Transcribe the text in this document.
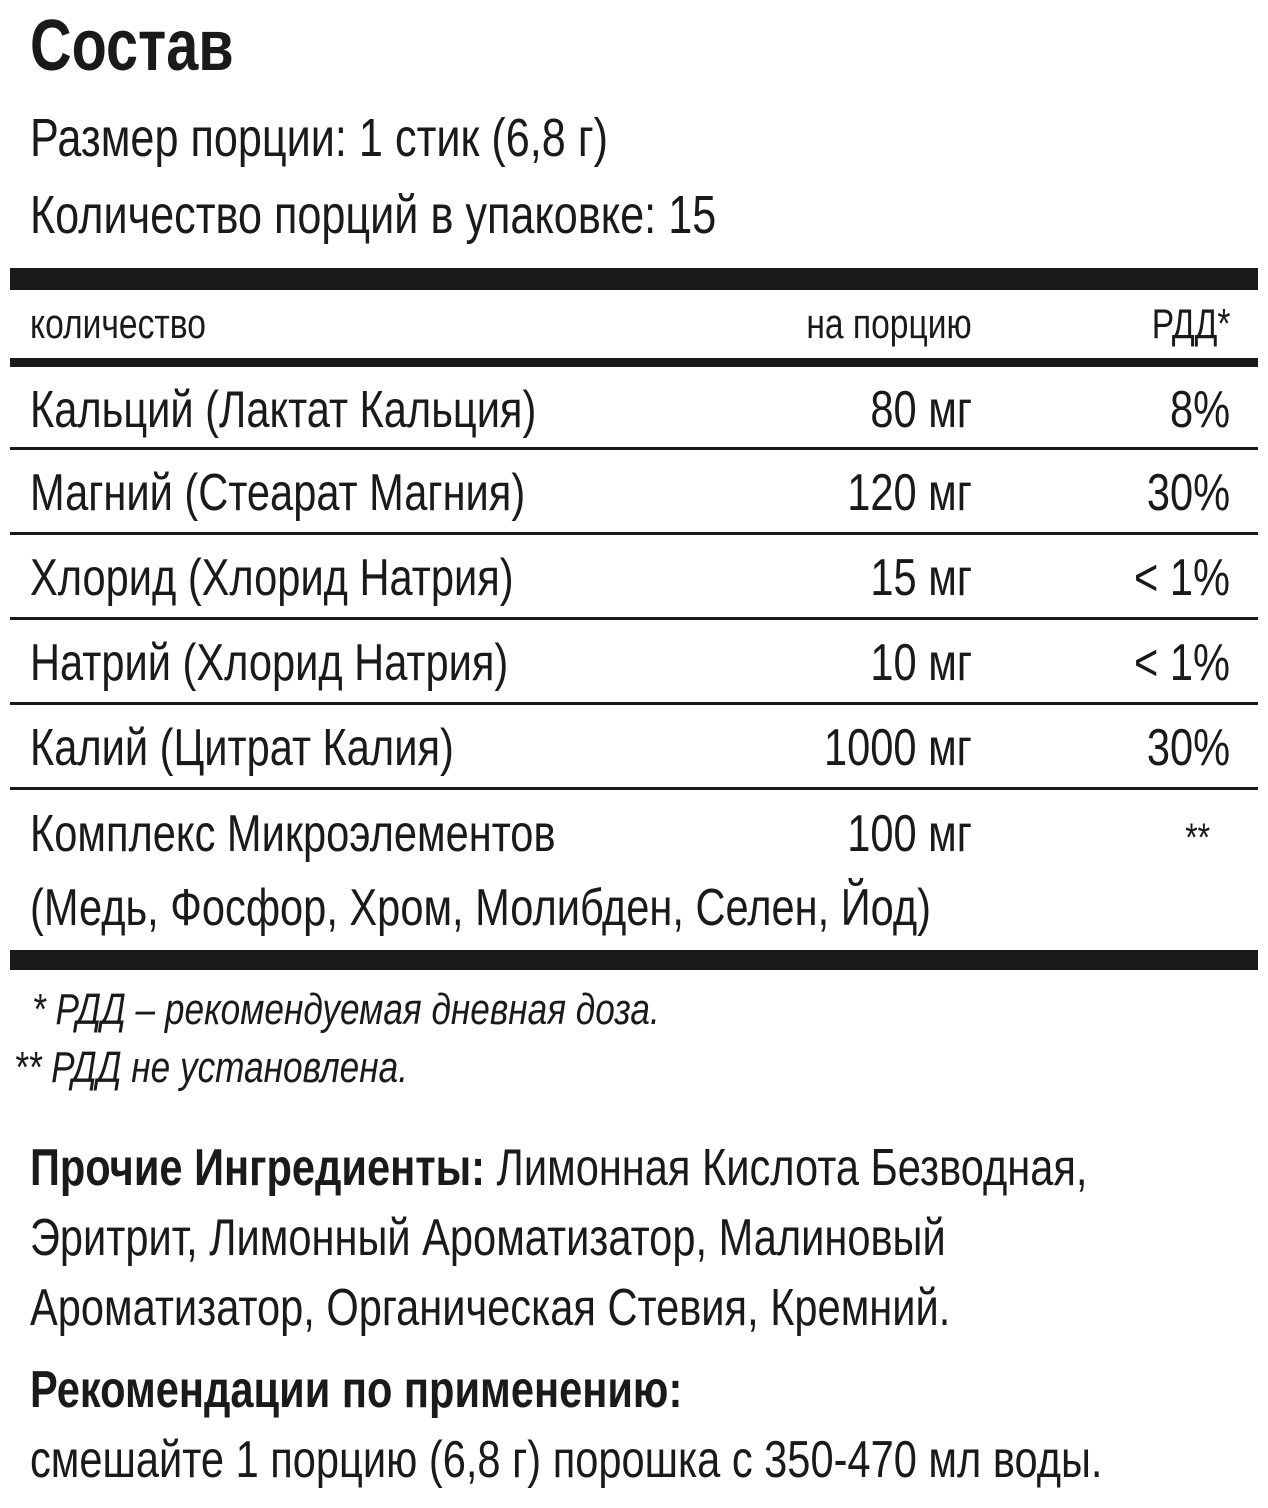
Состав
Размер порции: 1 стик (6,8 г)
Количество порций в упаковке: 15
количество	на порцию	РДД*
Кальций (Лактат Кальция)	80 мг	8%
Магний (Стеарат Магния)	120 мг	30%
Хлорид (Хлорид Натрия)	15 мг	< 1%
Натрий (Хлорид Натрия)	10 мг	< 1%
Калий (Цитрат Калия)	1000 мг	30%
Комплекс Микроэлементов
(Медь, Фосфор, Хром, Молибден, Селен, Йод)
100 мг	**
* РДД – рекомендуемая дневная доза.
** РДД не установлена.
Прочие Ингредиенты: Лимонная Кислота Безводная,
Эритрит, Лимонный Ароматизатор, Малиновый
Ароматизатор, Органическая Стевия, Кремний.
Рекомендации по применению:
смешайте 1 порцию (6,8 г) порошка с 350-470 мл воды.
